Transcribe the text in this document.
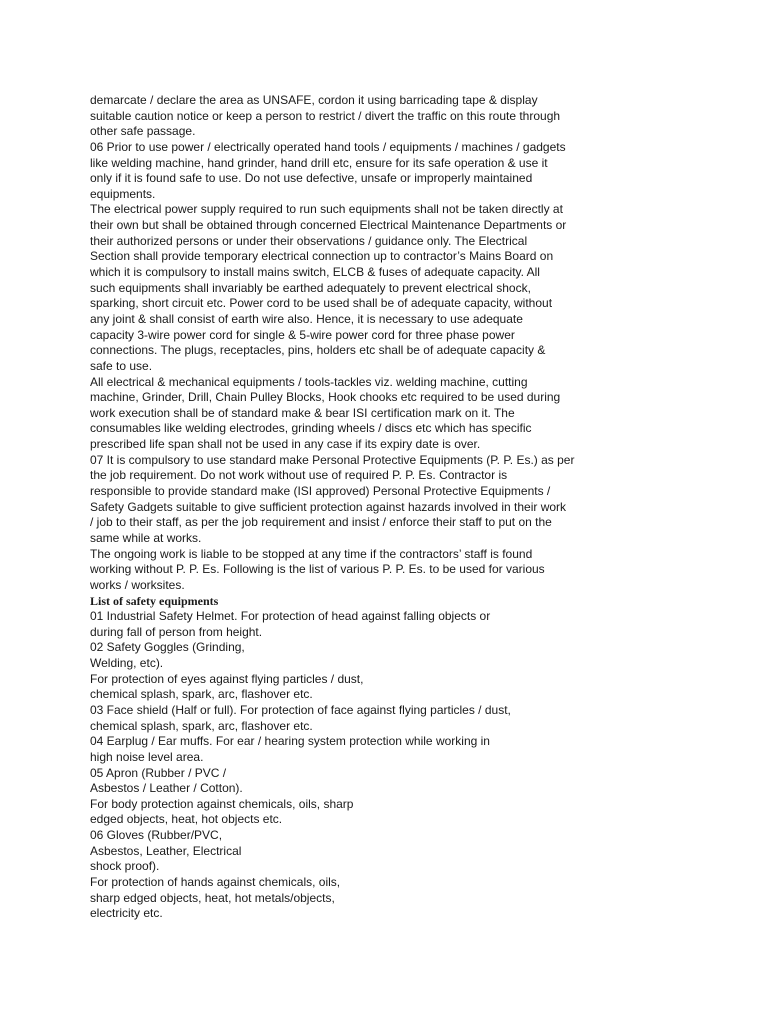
demarcate / declare the area as UNSAFE, cordon it using barricading tape & display
suitable caution notice or keep a person to restrict / divert the traffic on this route through
other safe passage.
06 Prior to use power / electrically operated hand tools / equipments / machines / gadgets
like welding machine, hand grinder, hand drill etc, ensure for its safe operation & use it
only if it is found safe to use. Do not use defective, unsafe or improperly maintained
equipments.
The electrical power supply required to run such equipments shall not be taken directly at
their own but shall be obtained through concerned Electrical Maintenance Departments or
their authorized persons or under their observations / guidance only. The Electrical
Section shall provide temporary electrical connection up to contractor’s Mains Board on
which it is compulsory to install mains switch, ELCB & fuses of adequate capacity. All
such equipments shall invariably be earthed adequately to prevent electrical shock,
sparking, short circuit etc. Power cord to be used shall be of adequate capacity, without
any joint & shall consist of earth wire also. Hence, it is necessary to use adequate
capacity 3-wire power cord for single & 5-wire power cord for three phase power
connections. The plugs, receptacles, pins, holders etc shall be of adequate capacity &
safe to use.
All electrical & mechanical equipments / tools-tackles viz. welding machine, cutting
machine, Grinder, Drill, Chain Pulley Blocks, Hook chooks etc required to be used during
work execution shall be of standard make & bear ISI certification mark on it. The
consumables like welding electrodes, grinding wheels / discs etc which has specific
prescribed life span shall not be used in any case if its expiry date is over.
07 It is compulsory to use standard make Personal Protective Equipments (P. P. Es.) as per
the job requirement. Do not work without use of required P. P. Es. Contractor is
responsible to provide standard make (ISI approved) Personal Protective Equipments /
Safety Gadgets suitable to give sufficient protection against hazards involved in their work
/ job to their staff, as per the job requirement and insist / enforce their staff to put on the
same while at works.
The ongoing work is liable to be stopped at any time if the contractors’ staff is found
working without P. P. Es. Following is the list of various P. P. Es. to be used for various
works / worksites.
List of safety equipments
01 Industrial Safety Helmet. For protection of head against falling objects or
during fall of person from height.
02 Safety Goggles (Grinding,
Welding, etc).
For protection of eyes against flying particles / dust,
chemical splash, spark, arc, flashover etc.
03 Face shield (Half or full). For protection of face against flying particles / dust,
chemical splash, spark, arc, flashover etc.
04 Earplug / Ear muffs. For ear / hearing system protection while working in
high noise level area.
05 Apron (Rubber / PVC /
Asbestos / Leather / Cotton).
For body protection against chemicals, oils, sharp
edged objects, heat, hot objects etc.
06 Gloves (Rubber/PVC,
Asbestos, Leather, Electrical
shock proof).
For protection of hands against chemicals, oils,
sharp edged objects, heat, hot metals/objects,
electricity etc.
